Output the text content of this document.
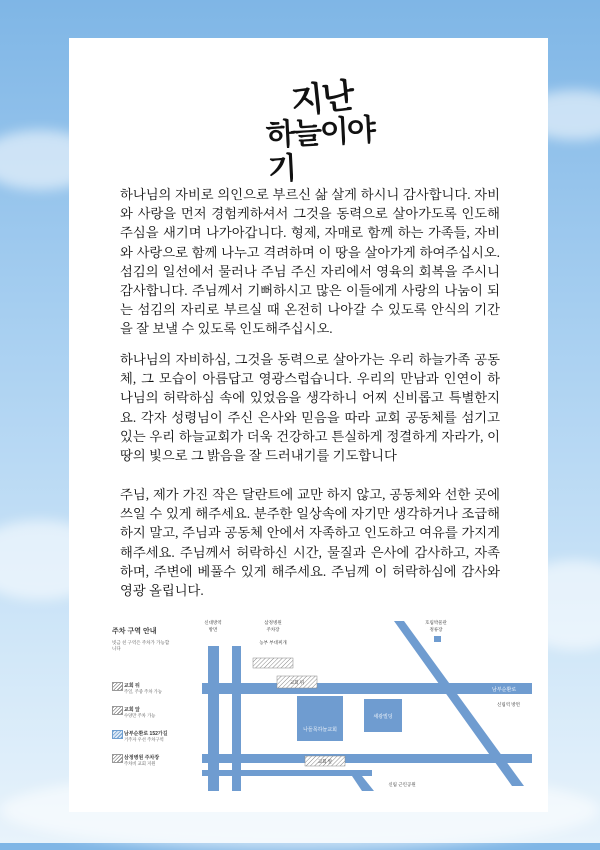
지난
하늘이야기
하나님의 자비로 의인으로 부르신 삶 살게 하시니 감사합니다. 자비와 사랑을 먼저 경험케하셔서 그것을 동력으로 살아가도록 인도해주심을 새기며 나가아갑니다. 형제, 자매로 함께 하는 가족들, 자비와 사랑으로 함께 나누고 격려하며 이 땅을 살아가게 하여주십시오. 섬김의 일선에서 물러나 주님 주신 자리에서 영육의 회복을 주시니 감사합니다. 주님께서 기뻐하시고 많은 이들에게 사랑의 나눔이 되는 섬김의 자리로 부르실 때 온전히 나아갈 수 있도록 안식의 기간을 잘 보낼 수 있도록 인도해주십시오.
하나님의 자비하심, 그것을 동력으로 살아가는 우리 하늘가족 공동체, 그 모습이 아름답고 영광스럽습니다. 우리의 만남과 인연이 하나님의 허락하심 속에 있었음을 생각하니 어찌 신비롭고 특별한지요. 각자 성령님이 주신 은사와 믿음을 따라 교회 공동체를 섬기고 있는 우리 하늘교회가 더욱 건강하고 튼실하게 정결하게 자라가, 이 땅의 빛으로 그 밝음을 잘 드러내기를 기도합니다
주님, 제가 가진 작은 달란트에 교만 하지 않고, 공동체와 선한 곳에 쓰일 수 있게 해주세요. 분주한 일상속에 자기만 생각하거나 조급해 하지 말고, 주님과 공동체 안에서 자족하고 인도하고 여유를 가지게 해주세요. 주님께서 허락하신 시간, 물질과 은사에 감사하고, 자족하며, 주변에 베풀수 있게 해주세요. 주님께 이 허락하심에 감사와 영광 올립니다.
주차 구역 안내
빗금 친 구역은 주차가 가능합니다
교회 뒤
주일, 주중 주차 가능
교회 앞
수양만 주차 가능
남부순환로 152가길
거주자 우선 주차구역
삼정병원 주차장
주차비 교회 지원
신대방역
방면
삼정병원
주차장
농부 부대찌개
호림박물관
정류장
남부순환로
신림역 방면
나들목하늘교회
세광빌딩
교회 뒤
교회 앞
신림 근린공원
